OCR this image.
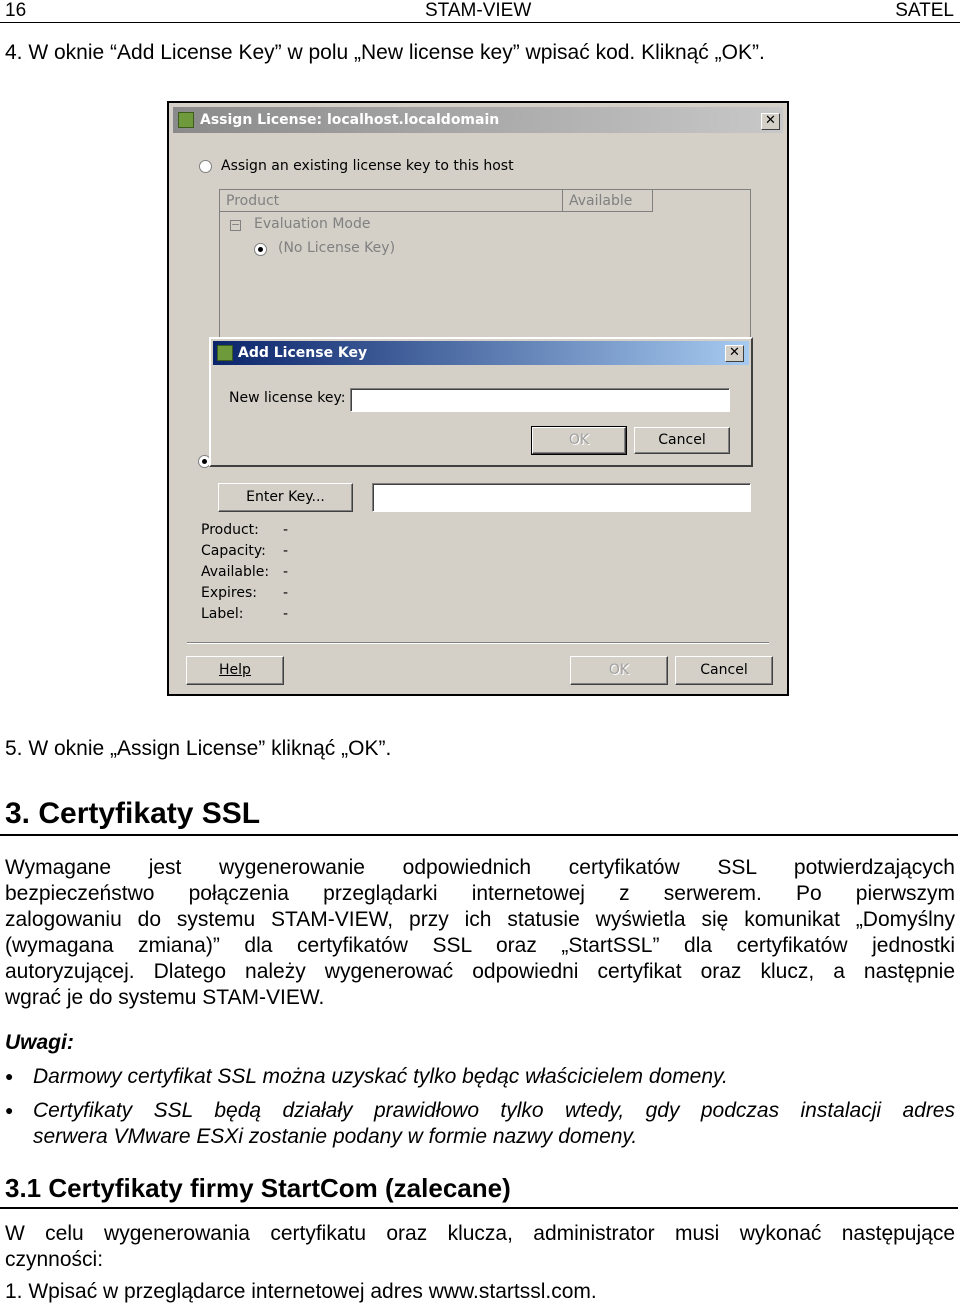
16	STAM-VIEW	SATEL
4. W oknie “Add License Key” w polu „New license key” wpisać kod. Kliknąć „OK”.
Assign License: localhost.localdomain	✕
Assign an existing license key to this host
Product	Available
− Evaluation Mode
(No License Key)
Enter Key...
Product: -
Capacity: -
Available: -
Expires: -
Label:	-
Help	OK	Cancel
Add License Key	✕
New license key:
OK	Cancel
5. W oknie „Assign License” kliknąć „OK”.
3. Certyfikaty SSL
Wymagane jest wygenerowanie odpowiednich certyfikatów SSL potwierdzających
bezpieczeństwo połączenia przeglądarki internetowej z serwerem. Po pierwszym
zalogowaniu do systemu STAM-VIEW, przy ich statusie wyświetla się komunikat „Domyślny
(wymagana zmiana)” dla certyfikatów SSL oraz „StartSSL” dla certyfikatów jednostki
autoryzującej. Dlatego należy wygenerować odpowiedni certyfikat oraz klucz, a następnie
wgrać je do systemu STAM-VIEW.
Uwagi:
● Darmowy certyfikat SSL można uzyskać tylko będąc właścicielem domeny.
● Certyfikaty SSL będą działały prawidłowo tylko wtedy, gdy podczas instalacji adres
serwera VMware ESXi zostanie podany w formie nazwy domeny.
3.1 Certyfikaty firmy StartCom (zalecane)
W celu wygenerowania certyfikatu oraz klucza, administrator musi wykonać następujące
czynności:
1. Wpisać w przeglądarce internetowej adres www.startssl.com.
